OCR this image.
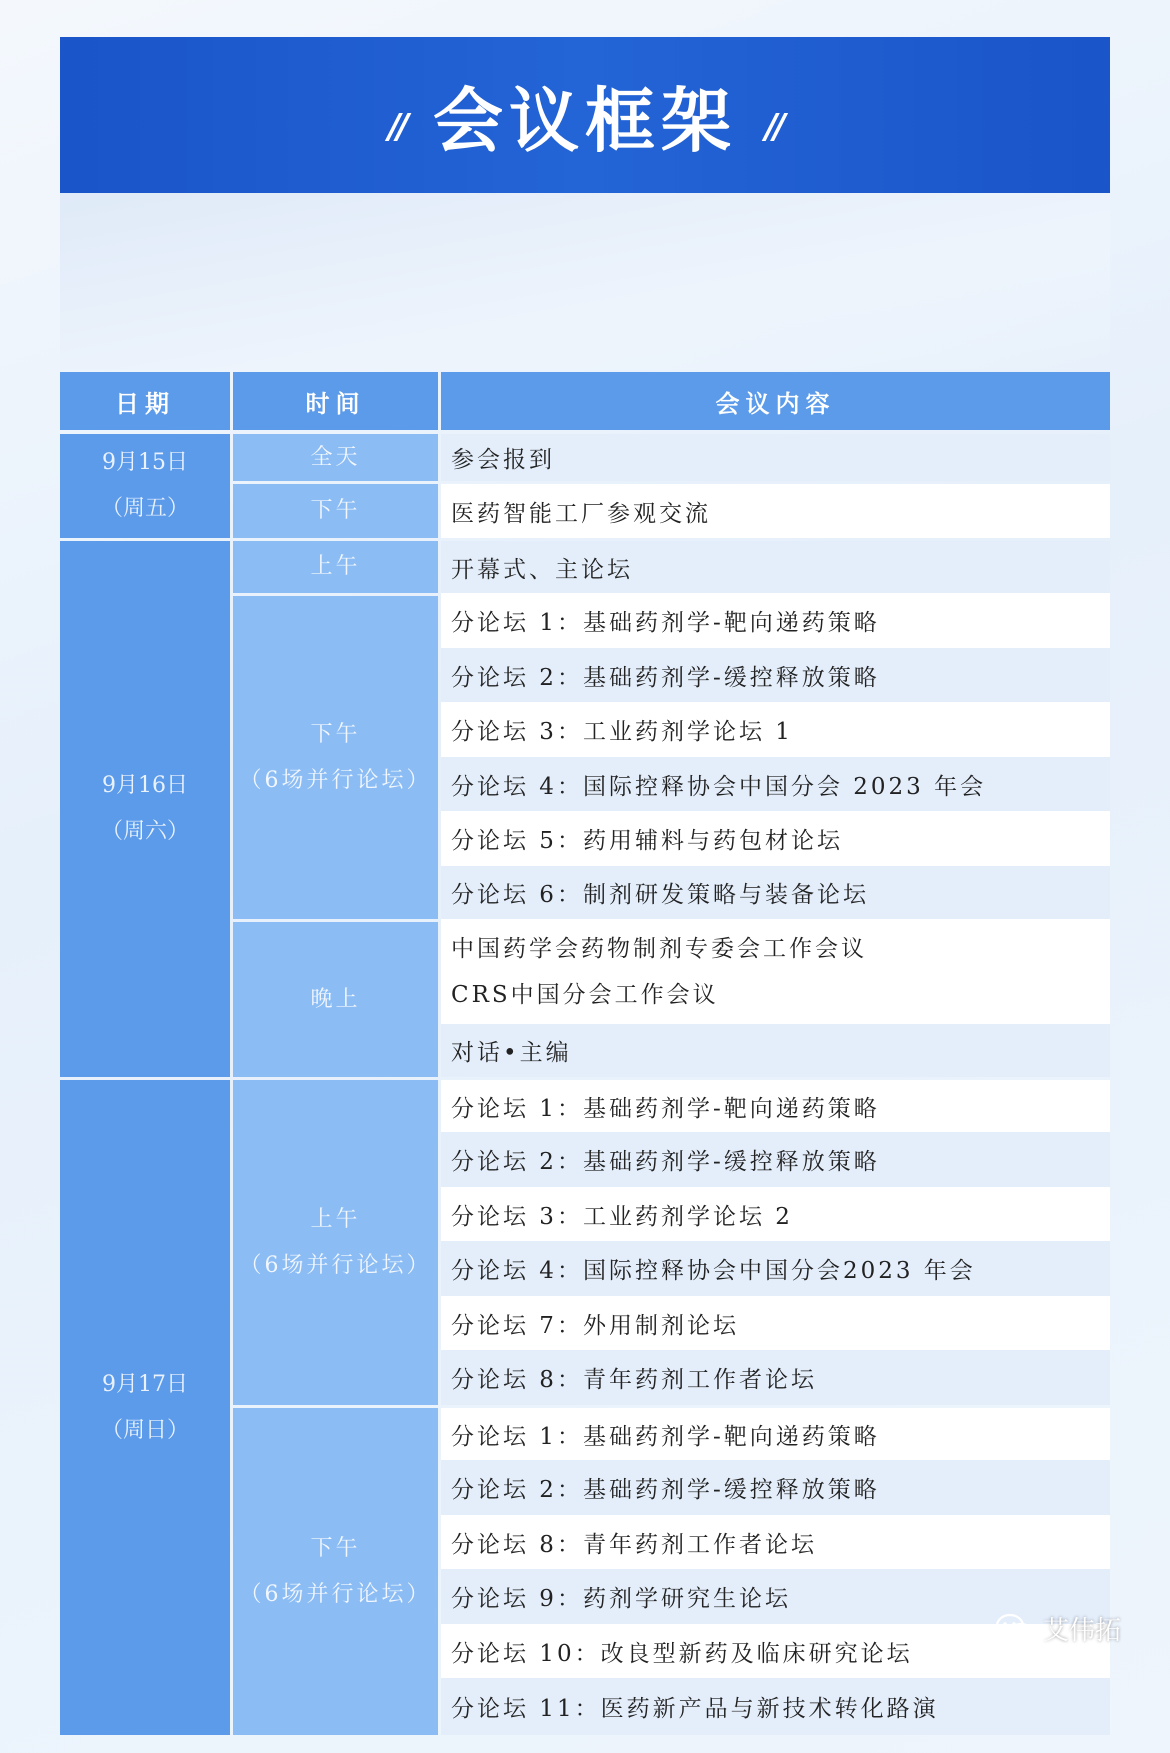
// 会议框架 //
日期	时间	会议内容
9月15日
（周五）
9月16日
（周六）
9月17日
（周日）
全天
下午
上午
下午
（6场并行论坛）
晚上
上午
（6场并行论坛）
下午
（6场并行论坛）
参会报到
医药智能工厂参观交流
开幕式、主论坛
分论坛 1：基础药剂学-靶向递药策略
分论坛 2：基础药剂学-缓控释放策略
分论坛 3：工业药剂学论坛 1
分论坛 4：国际控释协会中国分会 2023 年会
分论坛 5：药用辅料与药包材论坛
分论坛 6：制剂研发策略与装备论坛
中国药学会药物制剂专委会工作会议
CRS中国分会工作会议
对话•主编
分论坛 1：基础药剂学-靶向递药策略
分论坛 2：基础药剂学-缓控释放策略
分论坛 3：工业药剂学论坛 2
分论坛 4：国际控释协会中国分会2023 年会
分论坛 7：外用制剂论坛
分论坛 8：青年药剂工作者论坛
分论坛 1：基础药剂学-靶向递药策略
分论坛 2：基础药剂学-缓控释放策略
分论坛 8：青年药剂工作者论坛
分论坛 9：药剂学研究生论坛
分论坛 10：改良型新药及临床研究论坛
分论坛 11：医药新产品与新技术转化路演
艾伟拓
